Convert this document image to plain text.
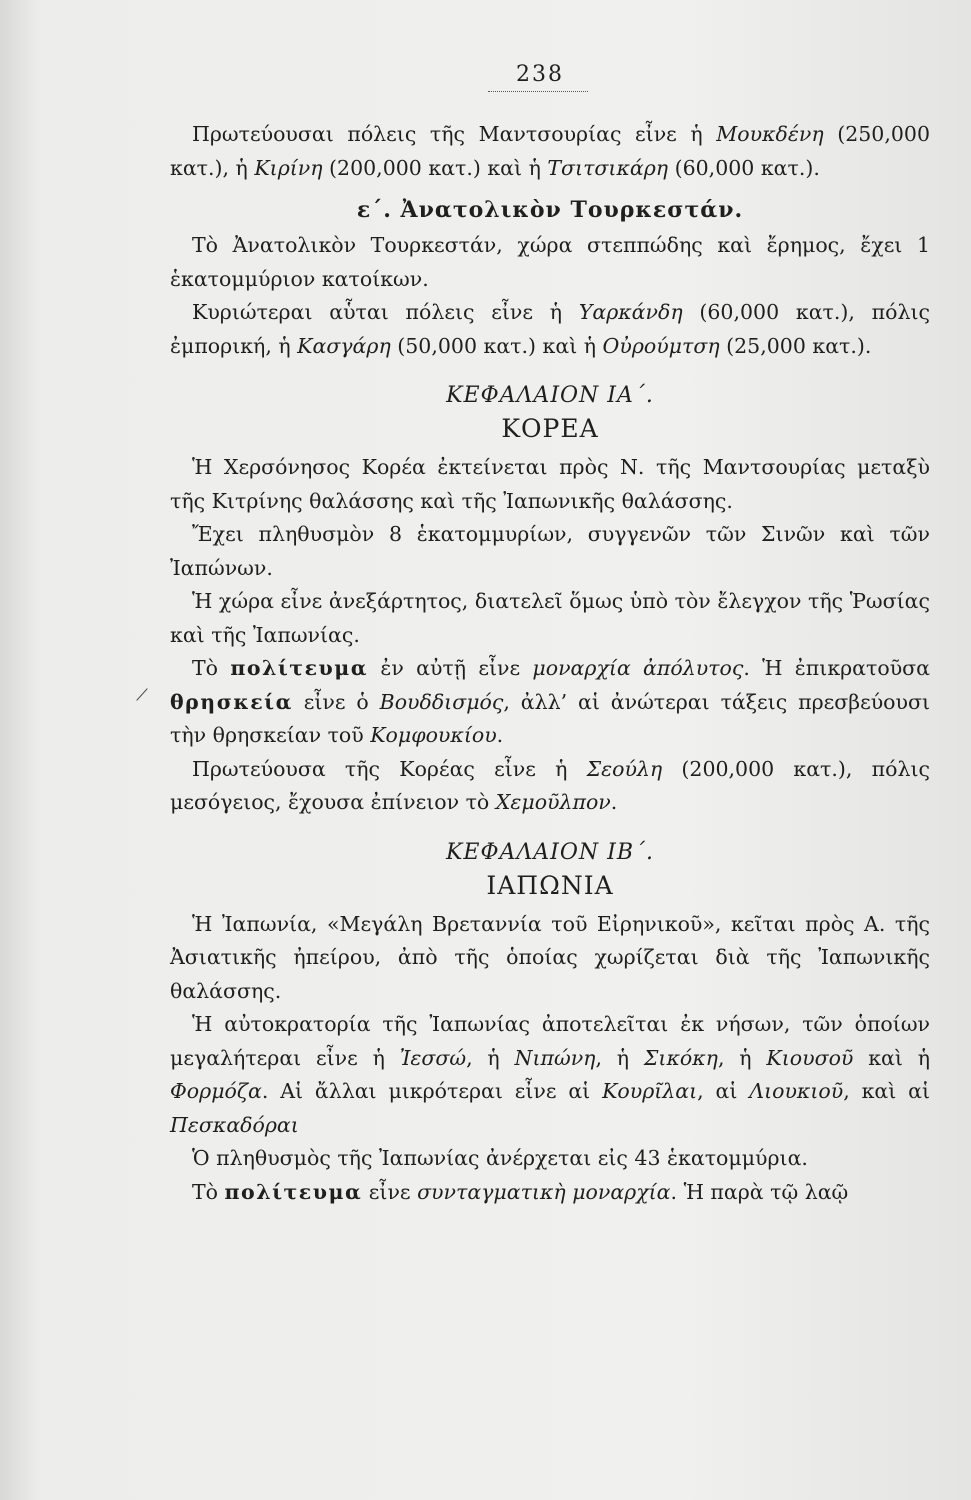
238

Πρωτεύουσαι πόλεις τῆς Μαντσουρίας εἶνε ἡ Μουκδένη (250,000 κατ.), ἡ Κιρίνη (200,000 κατ.) καὶ ἡ Τσιτσικάρη (60,000 κατ.).

ε΄. Ἀνατολικὸν Τουρκεστάν.

Τὸ Ἀνατολικὸν Τουρκεστάν, χώρα στεππώδης καὶ ἔρημος, ἔχει 1 ἑκατομμύριον κατοίκων.

Κυριώτεραι αὗται πόλεις εἶνε ἡ Υαρκάνδη (60,000 κατ.), πόλις ἐμπορική, ἡ Κασγάρη (50,000 κατ.) καὶ ἡ Οὐρούμτση (25,000 κατ.).

ΚΕΦΑΛΑΙΟΝ ΙΑ΄.
ΚΟΡΕΑ

Ἡ Χερσόνησος Κορέα ἐκτείνεται πρὸς Ν. τῆς Μαντσουρίας μεταξὺ τῆς Κιτρίνης θαλάσσης καὶ τῆς Ἰαπωνικῆς θαλάσσης.

Ἔχει πληθυσμὸν 8 ἑκατομμυρίων, συγγενῶν τῶν Σινῶν καὶ τῶν Ἰαπώνων.

Ἡ χώρα εἶνε ἀνεξάρτητος, διατελεῖ ὅμως ὑπὸ τὸν ἔλεγχον τῆς Ῥωσίας καὶ τῆς Ἰαπωνίας.

Τὸ πολίτευμα ἐν αὐτῇ εἶνε μοναρχία ἀπόλυτος. Ἡ ἐπικρατοῦσα θρησκεία εἶνε ὁ Βουδδισμός, ἀλλ’ αἱ ἀνώτεραι τάξεις πρεσβεύουσι τὴν θρησκείαν τοῦ Κομφουκίου.

Πρωτεύουσα τῆς Κορέας εἶνε ἡ Σεούλη (200,000 κατ.), πόλις μεσόγειος, ἔχουσα ἐπίνειον τὸ Χεμοῦλπον.

ΚΕΦΑΛΑΙΟΝ ΙΒ΄.
ΙΑΠΩΝΙΑ

Ἡ Ἰαπωνία, «Μεγάλη Βρεταννία τοῦ Εἰρηνικοῦ», κεῖται πρὸς Α. τῆς Ἀσιατικῆς ἠπείρου, ἀπὸ τῆς ὁποίας χωρίζεται διὰ τῆς Ἰαπωνικῆς θαλάσσης.

Ἡ αὐτοκρατορία τῆς Ἰαπωνίας ἀποτελεῖται ἐκ νήσων, τῶν ὁποίων μεγαλήτεραι εἶνε ἡ Ἰεσσώ, ἡ Νιπώνη, ἡ Σικόκη, ἡ Κιουσοῦ καὶ ἡ Φορμόζα. Αἱ ἄλλαι μικρότεραι εἶνε αἱ Κουρῖλαι, αἱ Λιουκιοῦ, καὶ αἱ Πεσκαδόραι

Ὁ πληθυσμὸς τῆς Ἰαπωνίας ἀνέρχεται εἰς 43 ἑκατομμύρια.

Τὸ πολίτευμα εἶνε συνταγματικὴ μοναρχία. Ἡ παρὰ τῷ λαῷ
